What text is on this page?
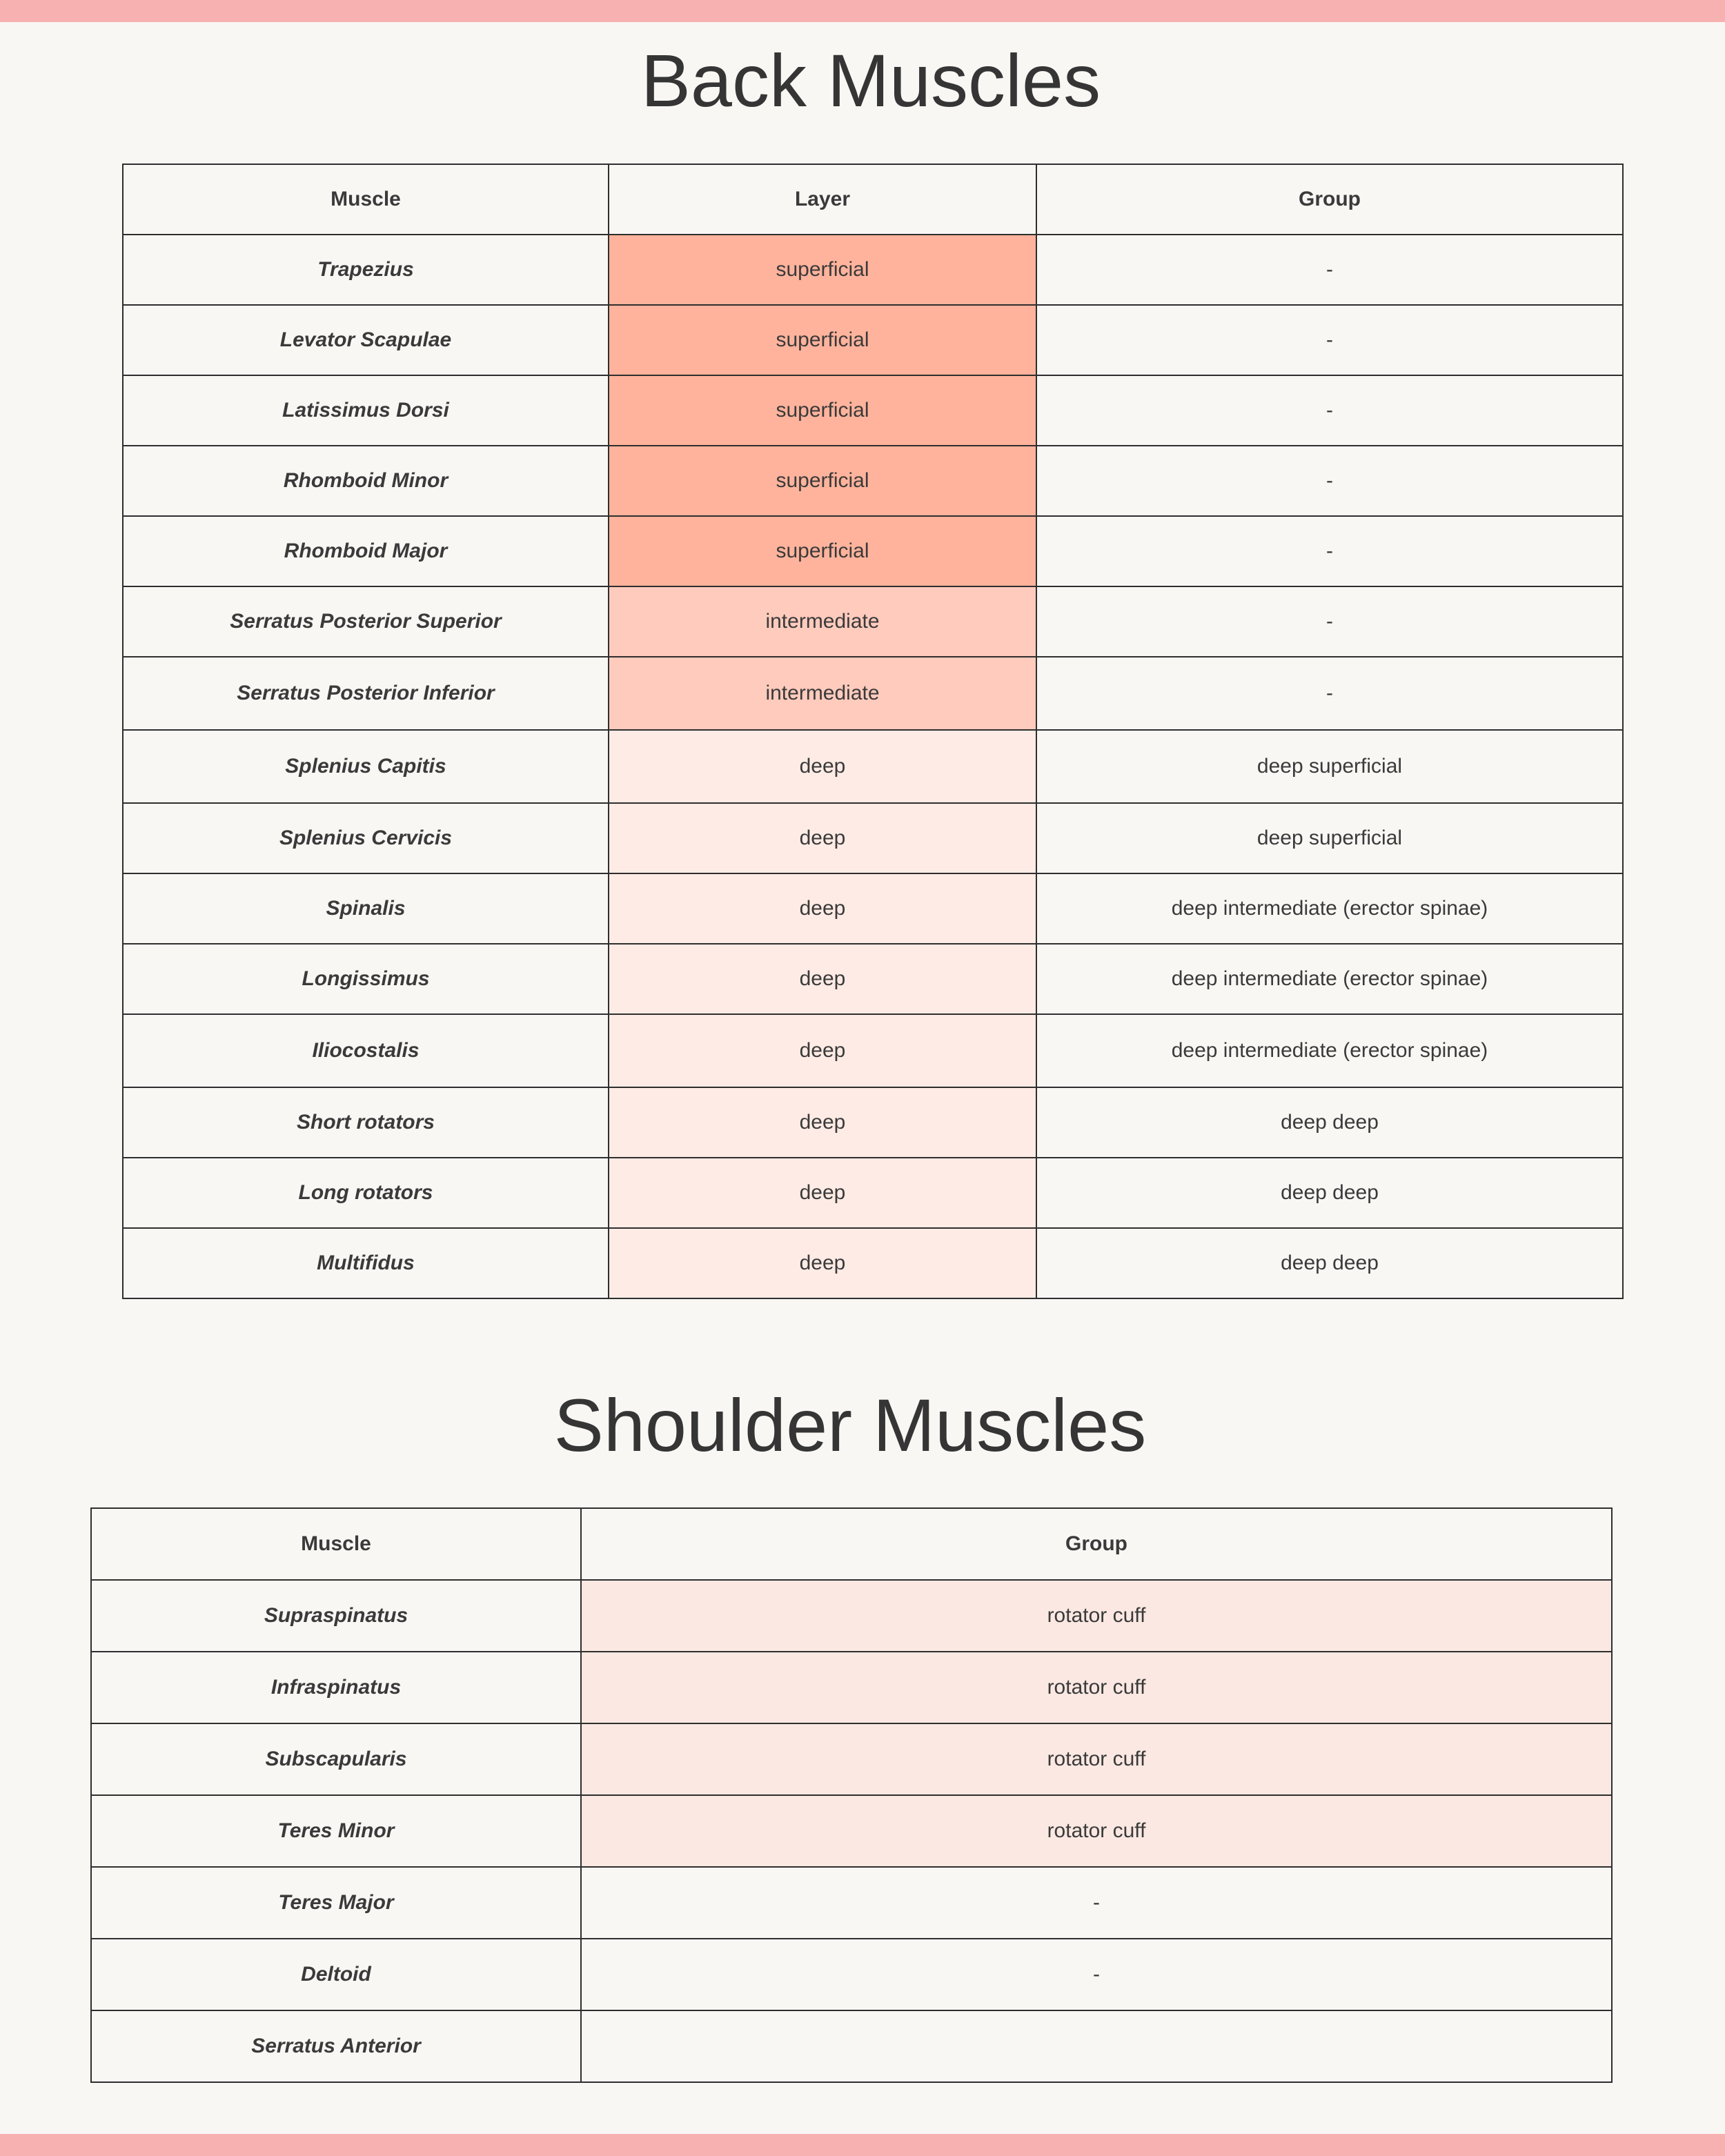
Back Muscles
Muscle	Layer	Group
Trapezius	superficial	-
Levator Scapulae	superficial	-
Latissimus Dorsi	superficial	-
Rhomboid Minor	superficial	-
Rhomboid Major	superficial	-
Serratus Posterior Superior	intermediate	-
Serratus Posterior Inferior	intermediate	-
Splenius Capitis	deep	deep superficial
Splenius Cervicis	deep	deep superficial
Spinalis	deep	deep intermediate (erector spinae)
Longissimus	deep	deep intermediate (erector spinae)
Iliocostalis	deep	deep intermediate (erector spinae)
Short rotators	deep	deep deep
Long rotators	deep	deep deep
Multifidus	deep	deep deep
Shoulder Muscles
Muscle	Group
Supraspinatus	rotator cuff
Infraspinatus	rotator cuff
Subscapularis	rotator cuff
Teres Minor	rotator cuff
Teres Major	-
Deltoid	-
Serratus Anterior	
